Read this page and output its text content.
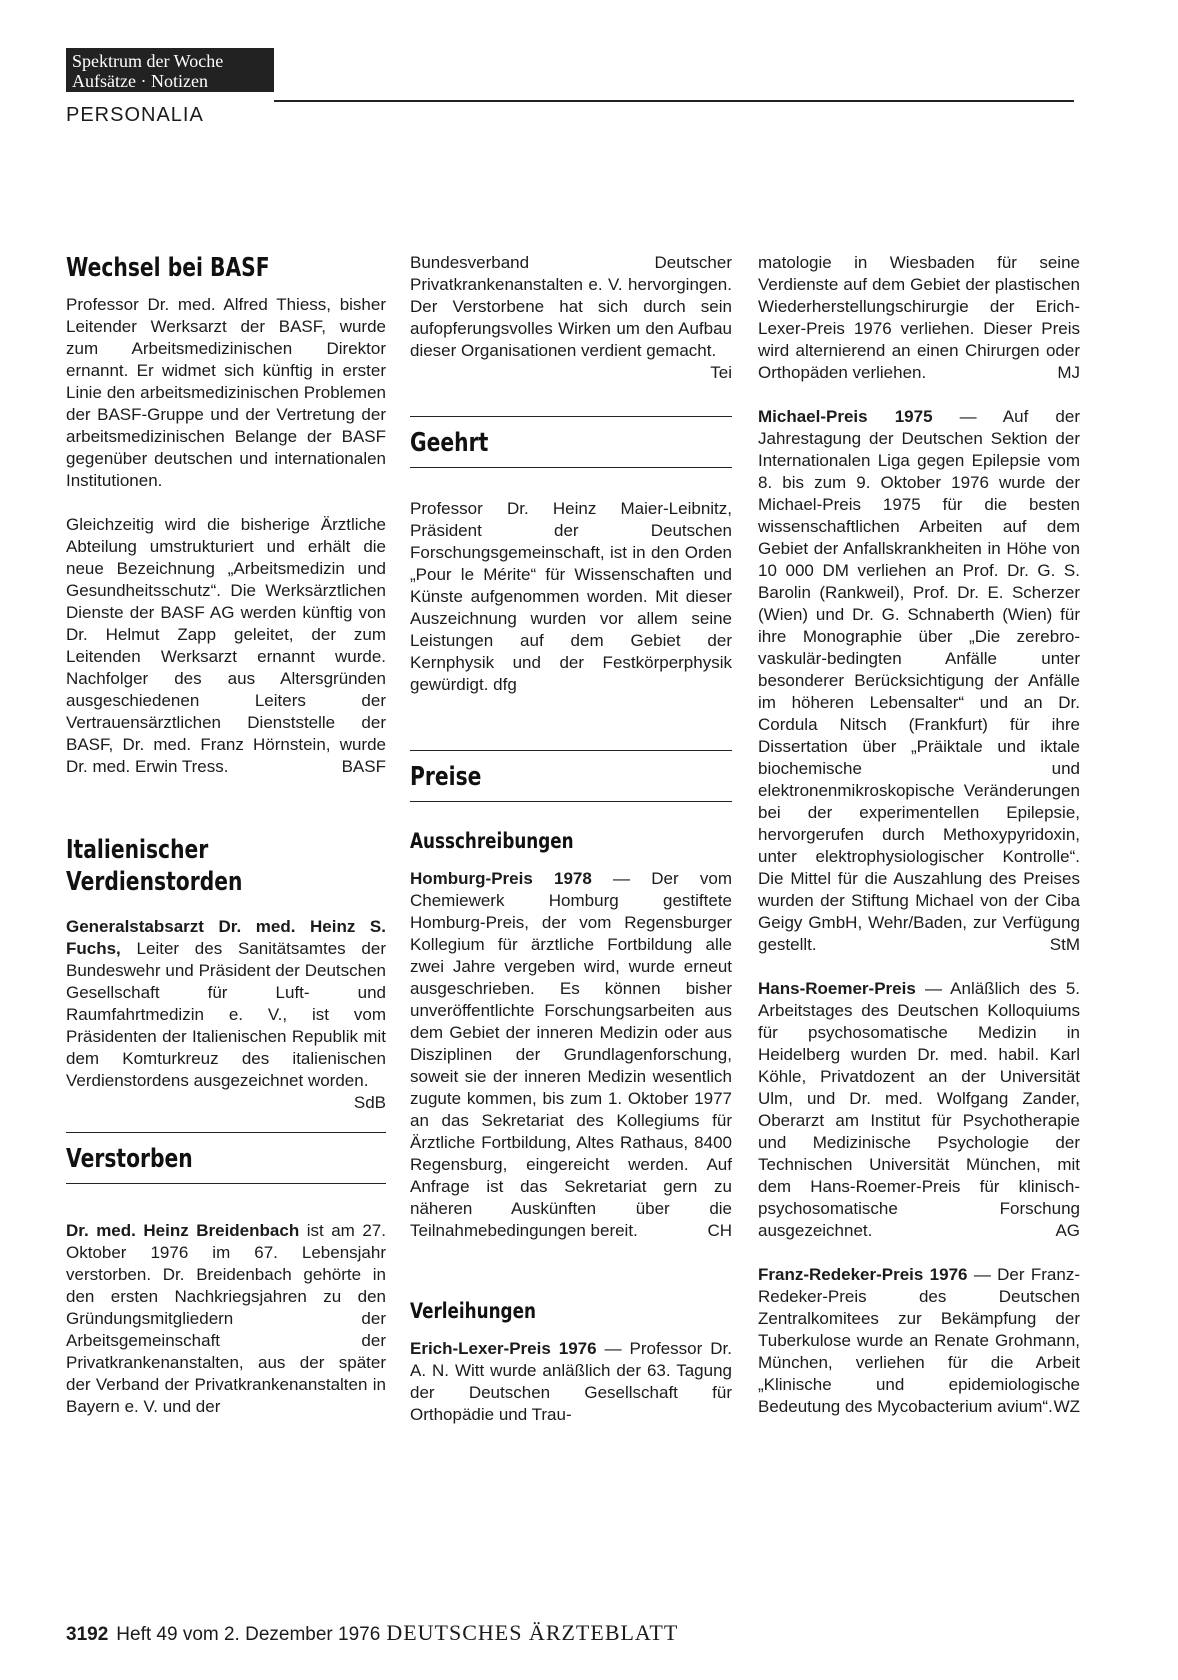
Spektrum der Woche
Aufsätze · Notizen
PERSONALIA
Wechsel bei BASF

Professor Dr. med. Alfred Thiess, bisher Leitender Werksarzt der BASF, wurde zum Arbeitsmedizinischen Direktor ernannt. Er widmet sich künftig in erster Linie den arbeitsmedizinischen Problemen der BASF-Gruppe und der Vertretung der arbeitsmedizinischen Belange der BASF gegenüber deutschen und internationalen Institutionen.

Gleichzeitig wird die bisherige Ärztliche Abteilung umstrukturiert und erhält die neue Bezeichnung „Arbeitsmedizin und Gesundheitsschutz“. Die Werksärztlichen Dienste der BASF AG werden künftig von Dr. Helmut Zapp geleitet, der zum Leitenden Werksarzt ernannt wurde. Nachfolger des aus Altersgründen ausgeschiedenen Leiters der Vertrauensärztlichen Dienststelle der BASF, Dr. med. Franz Hörnstein, wurde Dr. med. Erwin Tress.	BASF

Italienischer
Verdienstorden

Generalstabsarzt Dr. med. Heinz S. Fuchs, Leiter des Sanitätsamtes der Bundeswehr und Präsident der Deutschen Gesellschaft für Luft- und Raumfahrtmedizin e. V., ist vom Präsidenten der Italienischen Republik mit dem Komturkreuz des italienischen Verdienstordens ausgezeichnet worden.
SdB

Verstorben

Dr. med. Heinz Breidenbach ist am 27. Oktober 1976 im 67. Lebensjahr verstorben. Dr. Breidenbach gehörte in den ersten Nachkriegsjahren zu den Gründungsmitgliedern der Arbeitsgemeinschaft der Privatkrankenanstalten, aus der später der Verband der Privatkrankenanstalten in Bayern e. V. und der

Bundesverband Deutscher Privatkrankenanstalten e. V. hervorgingen. Der Verstorbene hat sich durch sein aufopferungsvolles Wirken um den Aufbau dieser Organisationen verdient gemacht.
Tei

Geehrt

Professor Dr. Heinz Maier-Leibnitz, Präsident der Deutschen Forschungsgemeinschaft, ist in den Orden „Pour le Mérite“ für Wissenschaften und Künste aufgenommen worden. Mit dieser Auszeichnung wurden vor allem seine Leistungen auf dem Gebiet der Kernphysik und der Festkörperphysik gewürdigt. dfg

Preise
Ausschreibungen

Homburg-Preis 1978 — Der vom Chemiewerk Homburg gestiftete Homburg-Preis, der vom Regensburger Kollegium für ärztliche Fortbildung alle zwei Jahre vergeben wird, wurde erneut ausgeschrieben. Es können bisher unveröffentlichte Forschungsarbeiten aus dem Gebiet der inneren Medizin oder aus Disziplinen der Grundlagenforschung, soweit sie der inneren Medizin wesentlich zugute kommen, bis zum 1. Oktober 1977 an das Sekretariat des Kollegiums für Ärztliche Fortbildung, Altes Rathaus, 8400 Regensburg, eingereicht werden. Auf Anfrage ist das Sekretariat gern zu näheren Auskünften über die Teilnahmebedingungen bereit.	CH

Verleihungen

Erich-Lexer-Preis 1976 — Professor Dr. A. N. Witt wurde anläßlich der 63. Tagung der Deutschen Gesellschaft für Orthopädie und Trau-

matologie in Wiesbaden für seine Verdienste auf dem Gebiet der plastischen Wiederherstellungschirurgie der Erich-Lexer-Preis 1976 verliehen. Dieser Preis wird alternierend an einen Chirurgen oder Orthopäden verliehen.	MJ

Michael-Preis 1975 — Auf der Jahrestagung der Deutschen Sektion der Internationalen Liga gegen Epilepsie vom 8. bis zum 9. Oktober 1976 wurde der Michael-Preis 1975 für die besten wissenschaftlichen Arbeiten auf dem Gebiet der Anfallskrankheiten in Höhe von 10 000 DM verliehen an Prof. Dr. G. S. Barolin (Rankweil), Prof. Dr. E. Scherzer (Wien) und Dr. G. Schnaberth (Wien) für ihre Monographie über „Die zerebro-vaskulär-bedingten Anfälle unter besonderer Berücksichtigung der Anfälle im höheren Lebensalter“ und an Dr. Cordula Nitsch (Frankfurt) für ihre Dissertation über „Präiktale und iktale biochemische und elektronenmikroskopische Veränderungen bei der experimentellen Epilepsie, hervorgerufen durch Methoxypyridoxin, unter elektrophysiologischer Kontrolle“. Die Mittel für die Auszahlung des Preises wurden der Stiftung Michael von der Ciba Geigy GmbH, Wehr/Baden, zur Verfügung gestellt.	StM

Hans-Roemer-Preis — Anläßlich des 5. Arbeitstages des Deutschen Kolloquiums für psychosomatische Medizin in Heidelberg wurden Dr. med. habil. Karl Köhle, Privatdozent an der Universität Ulm, und Dr. med. Wolfgang Zander, Oberarzt am Institut für Psychotherapie und Medizinische Psychologie der Technischen Universität München, mit dem Hans-Roemer-Preis für klinisch-psychosomatische Forschung ausgezeichnet.	AG

Franz-Redeker-Preis 1976 — Der Franz-Redeker-Preis des Deutschen Zentralkomitees zur Bekämpfung der Tuberkulose wurde an Renate Grohmann, München, verliehen für die Arbeit „Klinische und epidemiologische Bedeutung des Mycobacterium avium“. WZ

3192 Heft 49 vom 2. Dezember 1976 DEUTSCHES ÄRZTEBLATT
